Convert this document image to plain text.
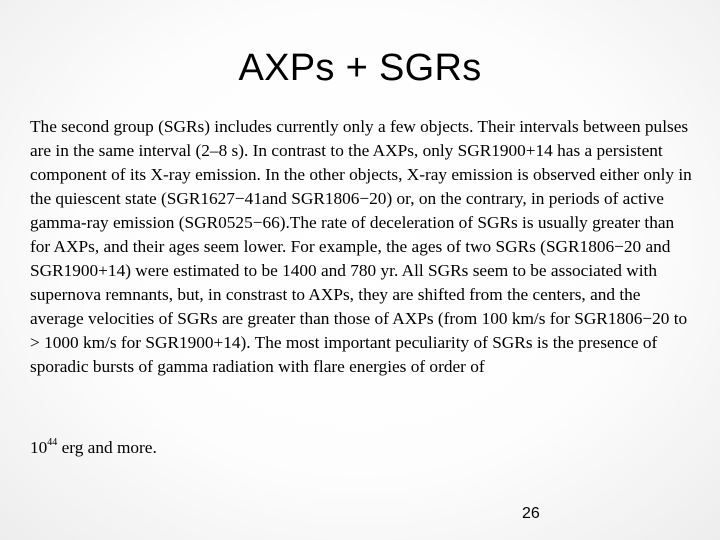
AXPs + SGRs

The second group (SGRs) includes currently only a few objects. Their intervals between pulses are in the same interval (2–8 s). In contrast to the AXPs, only SGR1900+14 has a persistent component of its X-ray emission. In the other objects, X-ray emission is observed either only in the quiescent state (SGR1627−41and SGR1806−20) or, on the contrary, in periods of active gamma-ray emission (SGR0525−66).The rate of deceleration of SGRs is usually greater than for AXPs, and their ages seem lower. For example, the ages of two SGRs (SGR1806−20 and SGR1900+14) were estimated to be 1400 and 780 yr. All SGRs seem to be associated with supernova remnants, but, in constrast to AXPs, they are shifted from the centers, and the average velocities of SGRs are greater than those of AXPs (from 100 km/s for SGR1806−20 to > 1000 km/s for SGR1900+14). The most important peculiarity of SGRs is the presence of sporadic bursts of gamma radiation with flare energies of order of

$10^{44}$ erg and more.
26
